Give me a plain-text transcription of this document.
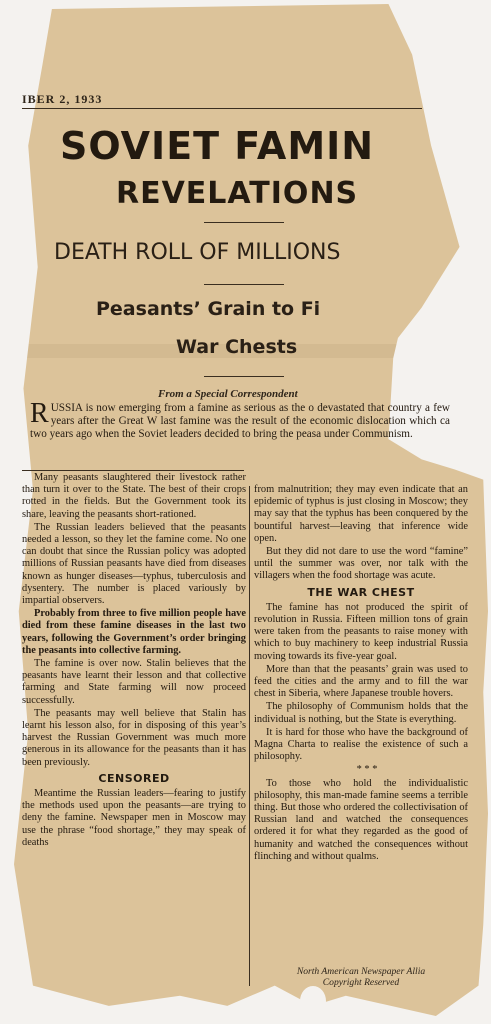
IBER 2, 1933
SOVIET FAMIN
REVELATIONS
DEATH ROLL OF MILLIONS
Peasants’ Grain to Fi
War Chests
From a Special Correspondent
R USSIA is now emerging from a famine as serious as the o devastated that country a few years after the Great W last famine was the result of the economic dislocation which ca two years ago when the Soviet leaders decided to bring the peasa under Communism.

Many peasants slaughtered their livestock rather than turn it over to the State. The best of their crops rotted in the fields. But the Government took its share, leaving the peasants short-rationed.

The Russian leaders believed that the peasants needed a lesson, so they let the famine come. No one can doubt that since the Russian policy was adopted millions of Russian peasants have died from diseases known as hunger diseases—typhus, tuberculosis and dysentery. The number is placed variously by impartial observers.

Probably from three to five million people have died from these famine diseases in the last two years, following the Government’s order bringing the peasants into collective farming.

The famine is over now. Stalin believes that the peasants have learnt their lesson and that collective farming and State farming will now proceed successfully.

The peasants may well believe that Stalin has learnt his lesson also, for in disposing of this year’s harvest the Russian Government was much more generous in its allowance for the peasants than it has been previously.

CENSORED

Meantime the Russian leaders—fearing to justify the methods used upon the peasants—are trying to deny the famine. Newspaper men in Moscow may use the phrase “food shortage,” they may speak of deaths

from malnutrition; they may even indicate that an epidemic of typhus is just closing in Moscow; they may say that the typhus has been conquered by the bountiful harvest—leaving that inference wide open.

But they did not dare to use the word “famine” until the summer was over, nor talk with the villagers when the food shortage was acute.

THE WAR CHEST

The famine has not produced the spirit of revolution in Russia. Fifteen million tons of grain were taken from the peasants to raise money with which to buy machinery to keep industrial Russia moving towards its five-year goal.

More than that the peasants’ grain was used to feed the cities and the army and to fill the war chest in Siberia, where Japanese trouble hovers.

The philosophy of Communism holds that the individual is nothing, but the State is everything.

It is hard for those who have the background of Magna Charta to realise the existence of such a philosophy.

* * *

To those who hold the individualistic philosophy, this man-made famine seems a terrible thing. But those who ordered the collectivisation of Russian land and watched the consequences ordered it for what they regarded as the good of humanity and watched the consequences without flinching and without qualms.

North American Newspaper Allia
Copyright Reserved
